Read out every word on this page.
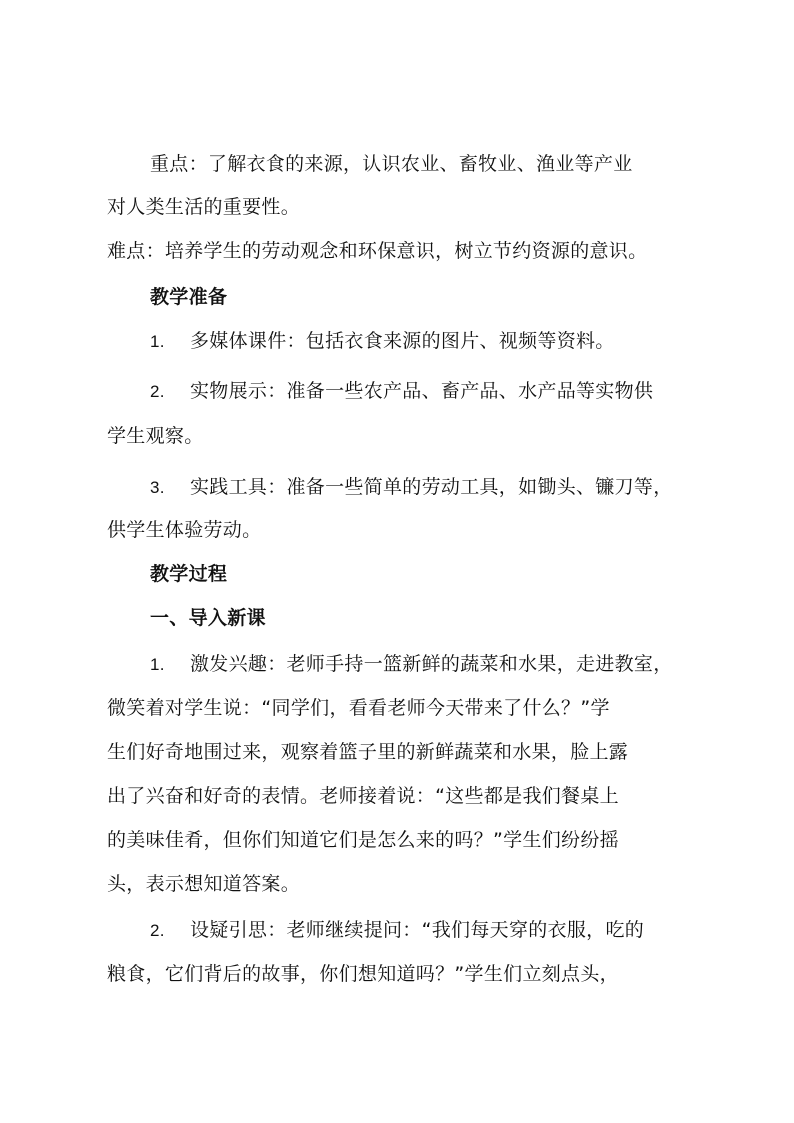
重点：了解衣食的来源，认识农业、畜牧业、渔业等产业
对人类生活的重要性。
难点：培养学生的劳动观念和环保意识，树立节约资源的意识。
教学准备
1. 多媒体课件：包括衣食来源的图片、视频等资料。
2. 实物展示：准备一些农产品、畜产品、水产品等实物供
学生观察。
3. 实践工具：准备一些简单的劳动工具，如锄头、镰刀等，
供学生体验劳动。
教学过程
一、导入新课
1. 激发兴趣：老师手持一篮新鲜的蔬菜和水果，走进教室，
微笑着对学生说：“同学们，看看老师今天带来了什么？”学
生们好奇地围过来，观察着篮子里的新鲜蔬菜和水果，脸上露
出了兴奋和好奇的表情。老师接着说：“这些都是我们餐桌上
的美味佳肴，但你们知道它们是怎么来的吗？”学生们纷纷摇
头，表示想知道答案。
2. 设疑引思：老师继续提问：“我们每天穿的衣服，吃的
粮食，它们背后的故事，你们想知道吗？”学生们立刻点头，
